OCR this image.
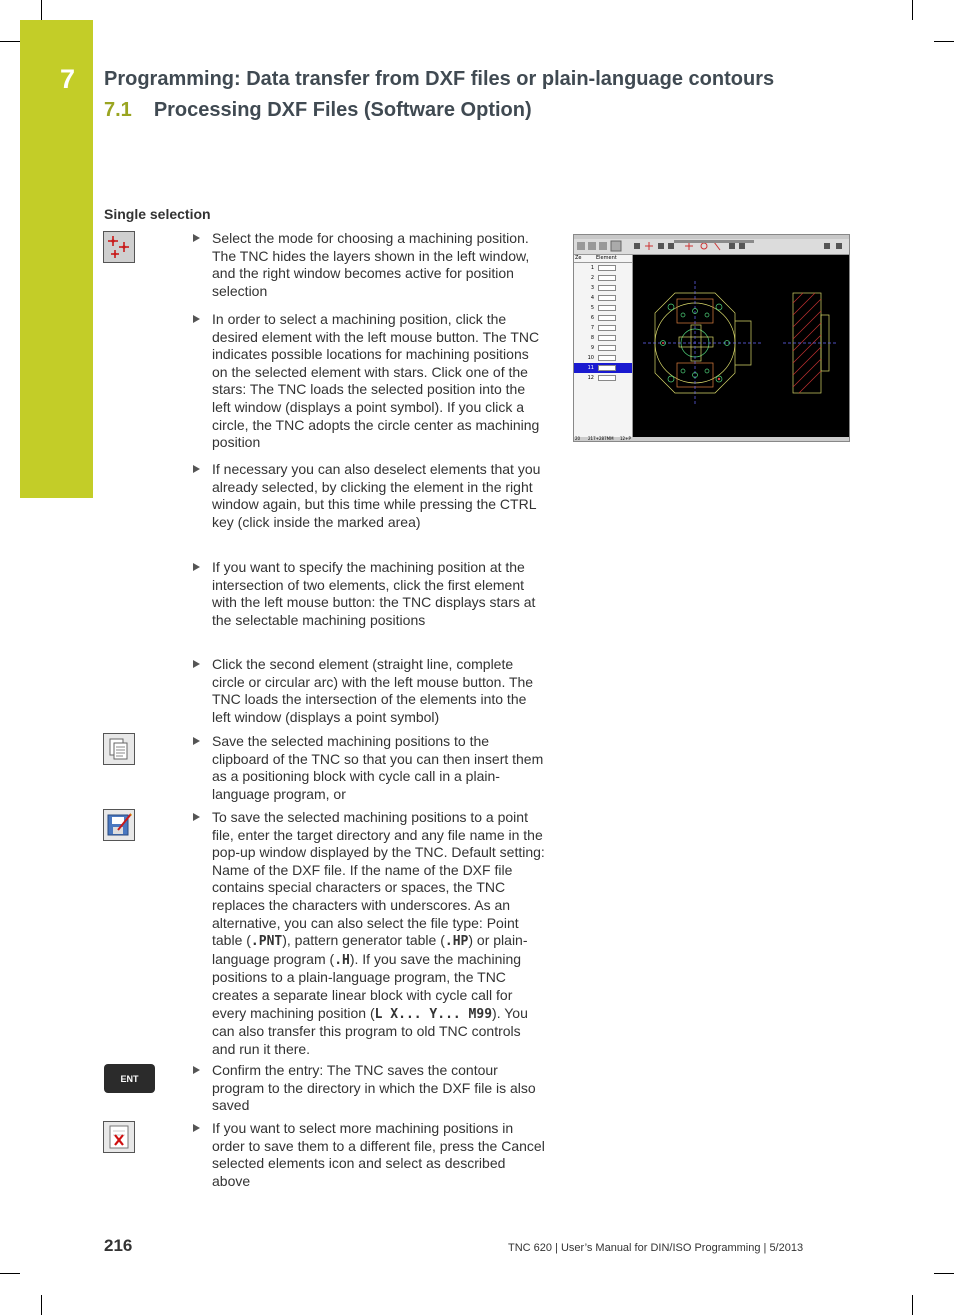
7 Programming: Data transfer from DXF files or plain-language contours
7.1 Processing DXF Files (Software Option)
Single selection
ENT
Select the mode for choosing a machining position. The TNC hides the layers shown in the left window, and the right window becomes active for position selection
In order to select a machining position, click the desired element with the left mouse button. The TNC indicates possible locations for machining positions on the selected element with stars. Click one of the stars: The TNC loads the selected position into the left window (displays a point symbol). If you click a circle, the TNC adopts the circle center as machining position
If necessary you can also deselect elements that you already selected, by clicking the element in the right window again, but this time while pressing the CTRL key (click inside the marked area)
If you want to specify the machining position at the intersection of two elements, click the first element with the left mouse button: the TNC displays stars at the selectable machining positions
Click the second element (straight line, complete circle or circular arc) with the left mouse button. The TNC loads the intersection of the elements into the left window (displays a point symbol)
Save the selected machining positions to the clipboard of the TNC so that you can then insert them as a positioning block with cycle call in a plain-language program, or
To save the selected machining positions to a point file, enter the target directory and any file name in the pop-up window displayed by the TNC. Default setting: Name of the DXF file. If the name of the DXF file contains special characters or spaces, the TNC replaces the characters with underscores. As an alternative, you can also select the file type: Point table (.PNT), pattern generator table (.HP) or plain-language program (.H). If you save the machining positions to a plain-language program, the TNC creates a separate linear block with cycle call for every machining position (L X... Y... M99). You can also transfer this program to old TNC controls and run it there.
Confirm the entry: The TNC saves the contour program to the directory in which the DXF file is also saved
If you want to select more machining positions in order to save them to a different file, press the Cancel selected elements icon and select as described above
Ze	Element
1
2
3
4
5
6
7
8
9
10
11
12
20 217+287MM 12+P
216	TNC 620 | User’s Manual for DIN/ISO Programming | 5/2013
